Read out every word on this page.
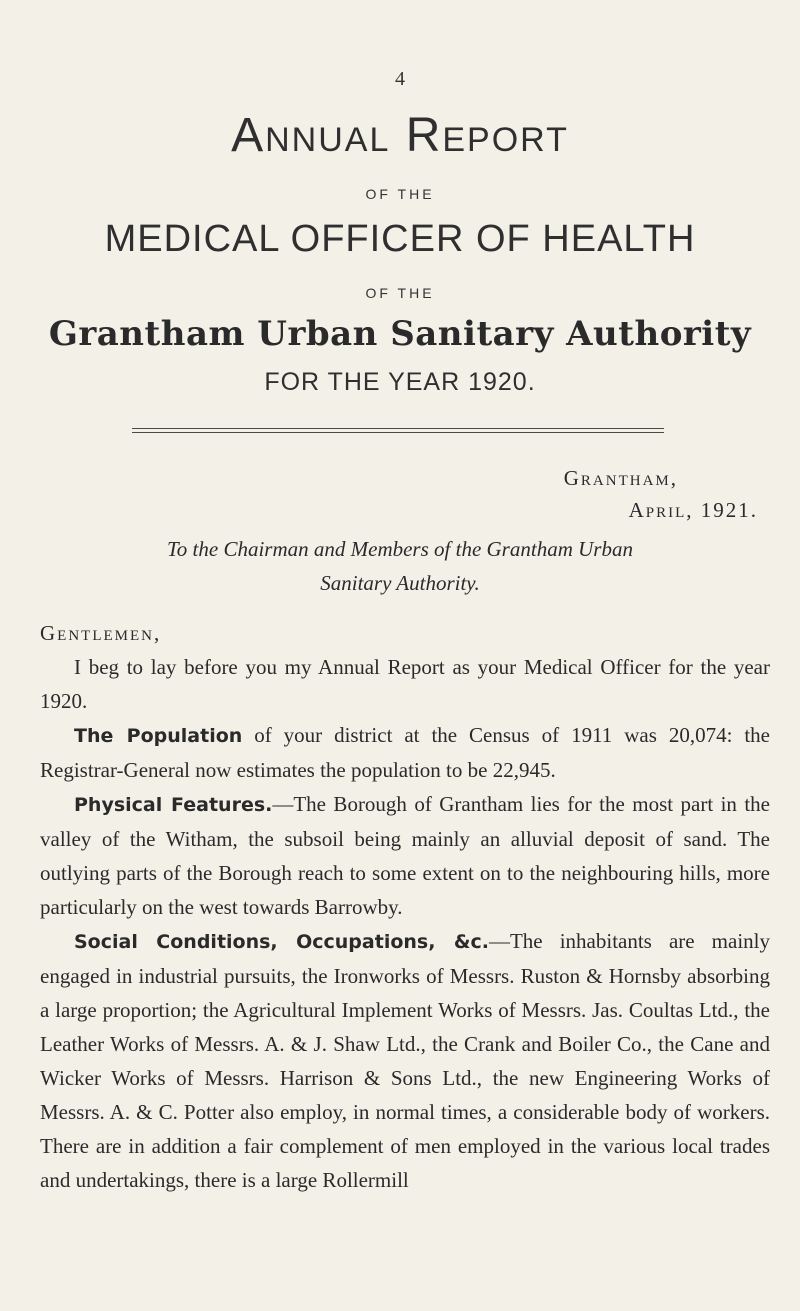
4
Annual Report
OF THE
MEDICAL OFFICER OF HEALTH
OF THE
Grantham Urban Sanitary Authority
FOR THE YEAR 1920.
Grantham,
April, 1921.
To the Chairman and Members of the Grantham Urban
Sanitary Authority.

Gentlemen,

I beg to lay before you my Annual Report as your Medical Officer for the year 1920.

The Population of your district at the Census of 1911 was 20,074: the Registrar-General now estimates the population to be 22,945.

Physical Features.—The Borough of Grantham lies for the most part in the valley of the Witham, the subsoil being mainly an alluvial deposit of sand. The outlying parts of the Borough reach to some extent on to the neighbouring hills, more particularly on the west towards Barrowby.

Social Conditions, Occupations, &c.—The inhabitants are mainly engaged in industrial pursuits, the Ironworks of Messrs. Ruston & Hornsby absorbing a large proportion; the Agricultural Implement Works of Messrs. Jas. Coultas Ltd., the Leather Works of Messrs. A. & J. Shaw Ltd., the Crank and Boiler Co., the Cane and Wicker Works of Messrs. Harrison & Sons Ltd., the new Engineering Works of Messrs. A. & C. Potter also employ, in normal times, a considerable body of workers. There are in addition a fair complement of men employed in the various local trades and undertakings, there is a large Rollermill
